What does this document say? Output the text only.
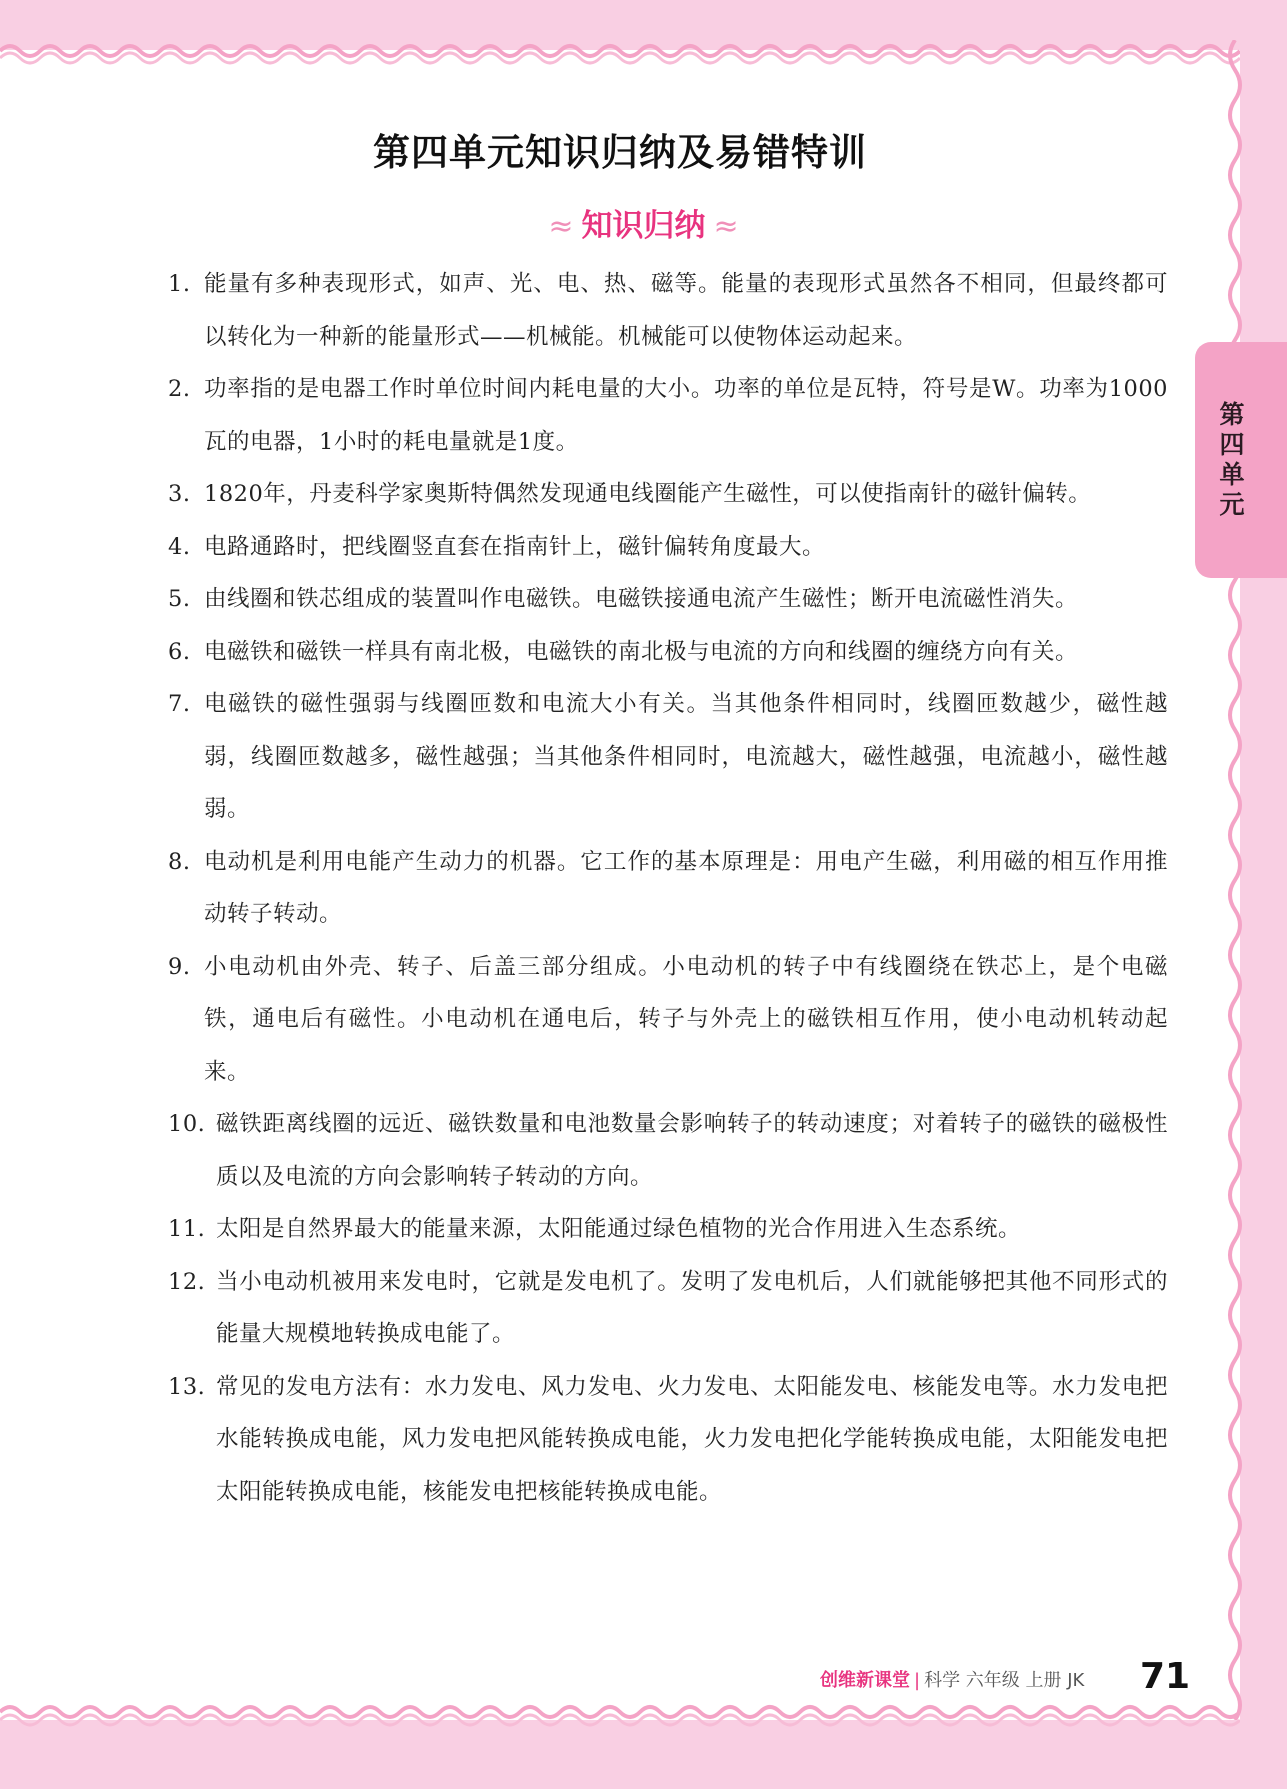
第四单元知识归纳及易错特训
≈ 知识归纳 ≈
第
四
单
元
1. 能量有多种表现形式，如声、光、电、热、磁等。能量的表现形式虽然各不相同，但最终都可以转化为一种新的能量形式——机械能。机械能可以使物体运动起来。
2. 功率指的是电器工作时单位时间内耗电量的大小。功率的单位是瓦特，符号是W。功率为1000瓦的电器，1小时的耗电量就是1度。
3. 1820年，丹麦科学家奥斯特偶然发现通电线圈能产生磁性，可以使指南针的磁针偏转。
4. 电路通路时，把线圈竖直套在指南针上，磁针偏转角度最大。
5. 由线圈和铁芯组成的装置叫作电磁铁。电磁铁接通电流产生磁性；断开电流磁性消失。
6. 电磁铁和磁铁一样具有南北极，电磁铁的南北极与电流的方向和线圈的缠绕方向有关。
7. 电磁铁的磁性强弱与线圈匝数和电流大小有关。当其他条件相同时，线圈匝数越少，磁性越弱，线圈匝数越多，磁性越强；当其他条件相同时，电流越大，磁性越强，电流越小，磁性越弱。
8. 电动机是利用电能产生动力的机器。它工作的基本原理是：用电产生磁，利用磁的相互作用推动转子转动。
9. 小电动机由外壳、转子、后盖三部分组成。小电动机的转子中有线圈绕在铁芯上，是个电磁铁，通电后有磁性。小电动机在通电后，转子与外壳上的磁铁相互作用，使小电动机转动起来。
10. 磁铁距离线圈的远近、磁铁数量和电池数量会影响转子的转动速度；对着转子的磁铁的磁极性质以及电流的方向会影响转子转动的方向。
11. 太阳是自然界最大的能量来源，太阳能通过绿色植物的光合作用进入生态系统。
12. 当小电动机被用来发电时，它就是发电机了。发明了发电机后，人们就能够把其他不同形式的能量大规模地转换成电能了。
13. 常见的发电方法有：水力发电、风力发电、火力发电、太阳能发电、核能发电等。水力发电把水能转换成电能，风力发电把风能转换成电能，火力发电把化学能转换成电能，太阳能发电把太阳能转换成电能，核能发电把核能转换成电能。
创维新课堂 | 科学 六年级 上册 JK 71
